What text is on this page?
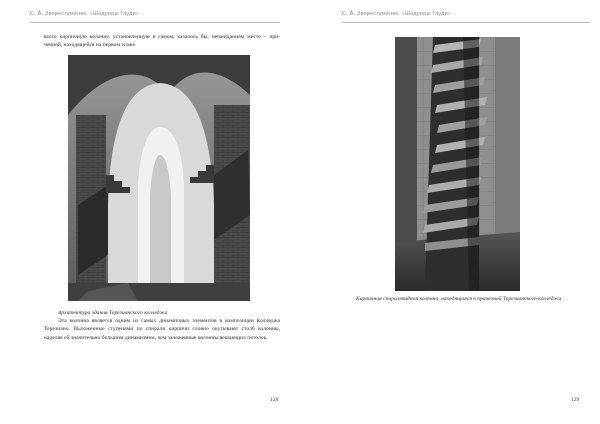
С. А. Зверостуменко. «Шедевры Гауди»
всего кирпичную колонну, установленную в самом, казалось бы, неожиданном месте – при- чечной, находящейся на первом этаже.
Архитектура здания Терезианского колледжа
Эта колонна является одним из самых динамичных элементов в композиции Колледжа Терезиано. Выложенные ступенями по спирали кирпичи словно окутывают столб колонны, наделяя ей значительно большим динамизмом, чем заложенные колонны вешающих потолок.
128
С. А. Зверостуменко. «Шедевры Гауди»
Кирпичная спиралевидная колонна, находящаяся в прачечной Терезианского колледжа
129
